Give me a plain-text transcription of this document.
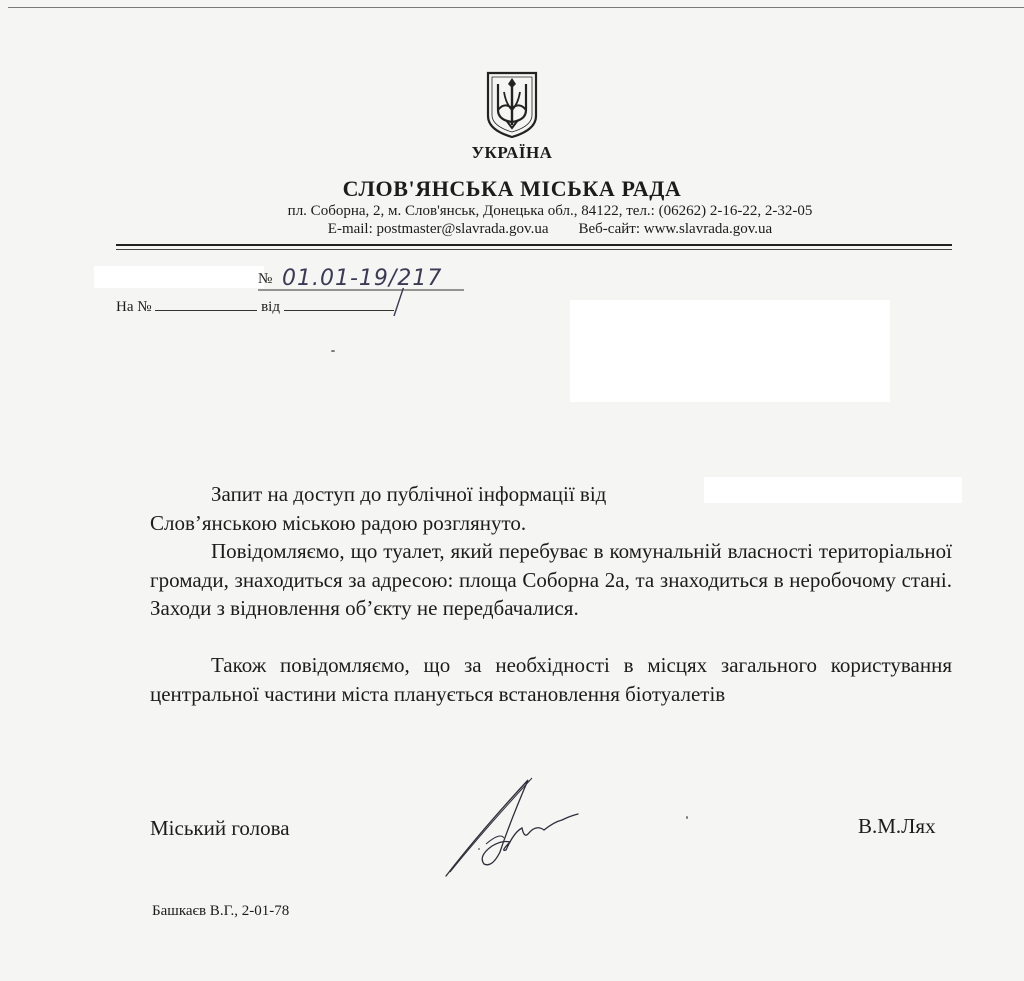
УКРАЇНА
СЛОВ'ЯНСЬКА МІСЬКА РАДА
пл. Соборна, 2, м. Слов'янськ, Донецька обл., 84122, тел.: (06262) 2-16-22, 2-32-05
E-mail: postmaster@slavrada.gov.ua        Веб-сайт: www.slavrada.gov.ua
№ 01.01-19/217
На №	від
Запит на доступ до публічної інформації від
Слов’янською міською радою розглянуто.
Повідомляємо, що туалет, який перебуває в комунальній власності територіальної громади, знаходиться за адресою: площа Соборна 2а, та знаходиться в неробочому стані. Заходи з відновлення об’єкту не передбачалися.
Також повідомляємо, що за необхідності в місцях загального користування центральної частини міста планується встановлення біотуалетів
Міський голова	В.М.Лях
Башкаєв В.Г., 2-01-78
